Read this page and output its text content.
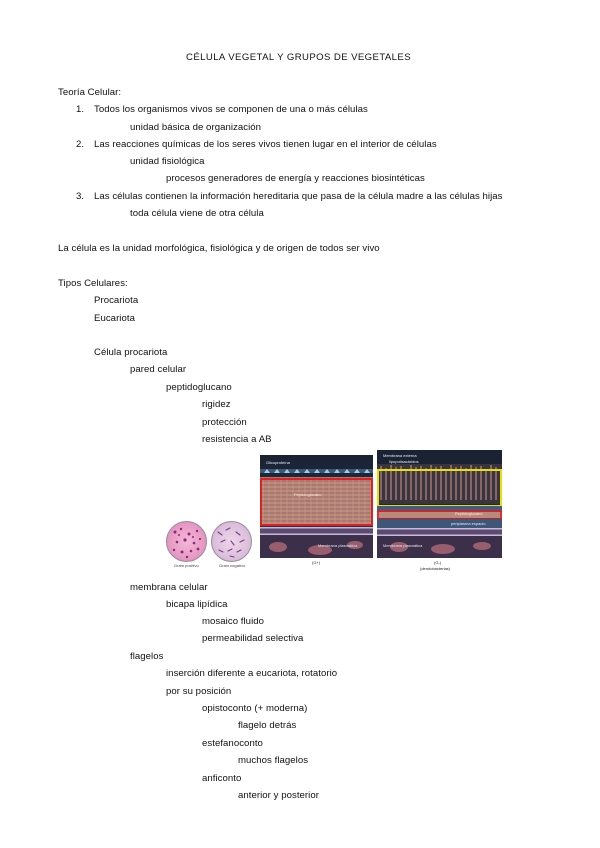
CÉLULA VEGETAL Y GRUPOS DE VEGETALES
Teoría Celular:
1. Todos los organismos vivos se componen de una o más células
unidad básica de organización
2. Las reacciones químicas de los seres vivos tienen lugar en el interior de células
unidad fisiológica
procesos generadores de energía y reacciones biosintéticas
3. Las células contienen la información hereditaria que pasa de la célula madre a las células hijas
toda célula viene de otra célula
La célula es la unidad morfológica, fisiológica y de origen de todos ser vivo
Tipos Celulares:
Procariota
Eucariota
Célula procariota
pared celular
peptidoglucano
rigidez
protección
resistencia a AB
Gram positivo	Gram negativo
Glicoproteína
Peptidoglucano
Membrana plasmática
(G+)
Membrana externa
lipopolisacáridos
Peptidoglucano
periplasma espacio
Membrana plasmática
(G-)
(dendobacterias)
membrana celular
bicapa lipídica
mosaico fluido
permeabilidad selectiva
flagelos
inserción diferente a eucariota, rotatorio
por su posición
opistoconto (+ moderna)
flagelo detrás
estefanoconto
muchos flagelos
anficonto
anterior y posterior
